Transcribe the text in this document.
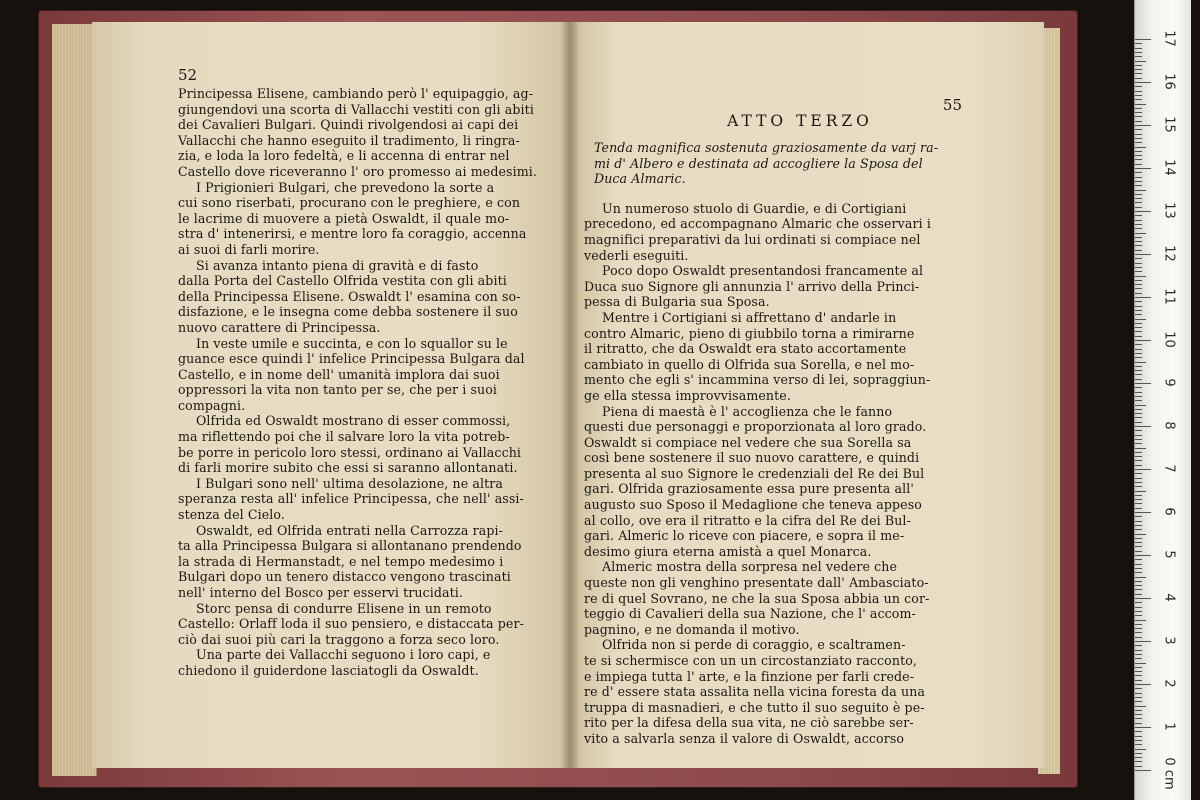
52
Principessa Elisene, cambiando però l' equipaggio, ag-
giungendovi una scorta di Vallacchi vestiti con gli abiti
dei Cavalieri Bulgari. Quindi rivolgendosi ai capi dei
Vallacchi che hanno eseguito il tradimento, li ringra-
zia, e loda la loro fedeltà, e li accenna di entrar nel
Castello dove riceveranno l' oro promesso ai medesimi.
I Prigionieri Bulgari, che prevedono la sorte a
cui sono riserbati, procurano con le preghiere, e con
le lacrime di muovere a pietà Oswaldt, il quale mo-
stra d' intenerirsi, e mentre loro fa coraggio, accenna
ai suoi di farli morire.
Si avanza intanto piena di gravità e di fasto
dalla Porta del Castello Olfrida vestita con gli abiti
della Principessa Elisene. Oswaldt l' esamina con so-
disfazione, e le insegna come debba sostenere il suo
nuovo carattere di Principessa.
In veste umile e succinta, e con lo squallor su le
guance esce quindi l' infelice Principessa Bulgara dal
Castello, e in nome dell' umanità implora dai suoi
oppressori la vita non tanto per se, che per i suoi
compagni.
Olfrida ed Oswaldt mostrano di esser commossi,
ma riflettendo poi che il salvare loro la vita potreb-
be porre in pericolo loro stessi, ordinano ai Vallacchi
di farli morire subito che essi si saranno allontanati.
I Bulgari sono nell' ultima desolazione, ne altra
speranza resta all' infelice Principessa, che nell' assi-
stenza del Cielo.
Oswaldt, ed Olfrida entrati nella Carrozza rapi-
ta alla Principessa Bulgara si allontanano prendendo
la strada di Hermanstadt, e nel tempo medesimo i
Bulgari dopo un tenero distacco vengono trascinati
nell' interno del Bosco per esservi trucidati.
Storc pensa di condurre Elisene in un remoto
Castello: Orlaff loda il suo pensiero, e distaccata per-
ciò dai suoi più cari la traggono a forza seco loro.
Una parte dei Vallacchi seguono i loro capi, e
chiedono il guiderdone lasciatogli da Oswaldt.
55
ATTO TERZO
Tenda magnifica sostenuta graziosamente da varj ra-
mi d' Albero e destinata ad accogliere la Sposa del
Duca Almaric.
Un numeroso stuolo di Guardie, e di Cortigiani
precedono, ed accompagnano Almaric che osservari i
magnifici preparativi da lui ordinati si compiace nel
vederli eseguiti.
Poco dopo Oswaldt presentandosi francamente al
Duca suo Signore gli annunzia l' arrivo della Princi-
pessa di Bulgaria sua Sposa.
Mentre i Cortigiani si affrettano d' andarle in
contro Almaric, pieno di giubbilo torna a rimirarne
il ritratto, che da Oswaldt era stato accortamente
cambiato in quello di Olfrida sua Sorella, e nel mo-
mento che egli s' incammina verso di lei, sopraggiun-
ge ella stessa improvvisamente.
Piena di maestà è l' accoglienza che le fanno
questi due personaggi e proporzionata al loro grado.
Oswaldt si compiace nel vedere che sua Sorella sa
così bene sostenere il suo nuovo carattere, e quindi
presenta al suo Signore le credenziali del Re dei Bul
gari. Olfrida graziosamente essa pure presenta all'
augusto suo Sposo il Medaglione che teneva appeso
al collo, ove era il ritratto e la cifra del Re dei Bul-
gari. Almeric lo riceve con piacere, e sopra il me-
desimo giura eterna amistà a quel Monarca.
Almeric mostra della sorpresa nel vedere che
queste non gli venghino presentate dall' Ambasciato-
re di quel Sovrano, ne che la sua Sposa abbia un cor-
teggio di Cavalieri della sua Nazione, che l' accom-
pagnino, e ne domanda il motivo.
Olfrida non si perde di coraggio, e scaltramen-
te si schermisce con un un circostanziato racconto,
e impiega tutta l' arte, e la finzione per farli crede-
re d' essere stata assalita nella vicina foresta da una
truppa di masnadieri, e che tutto il suo seguito è pe-
rito per la difesa della sua vita, ne ciò sarebbe ser-
vito a salvarla senza il valore di Oswaldt, accorso
0 cm
1
2
3
4
5
6
7
8
9
10
11
12
13
14
15
16
17
